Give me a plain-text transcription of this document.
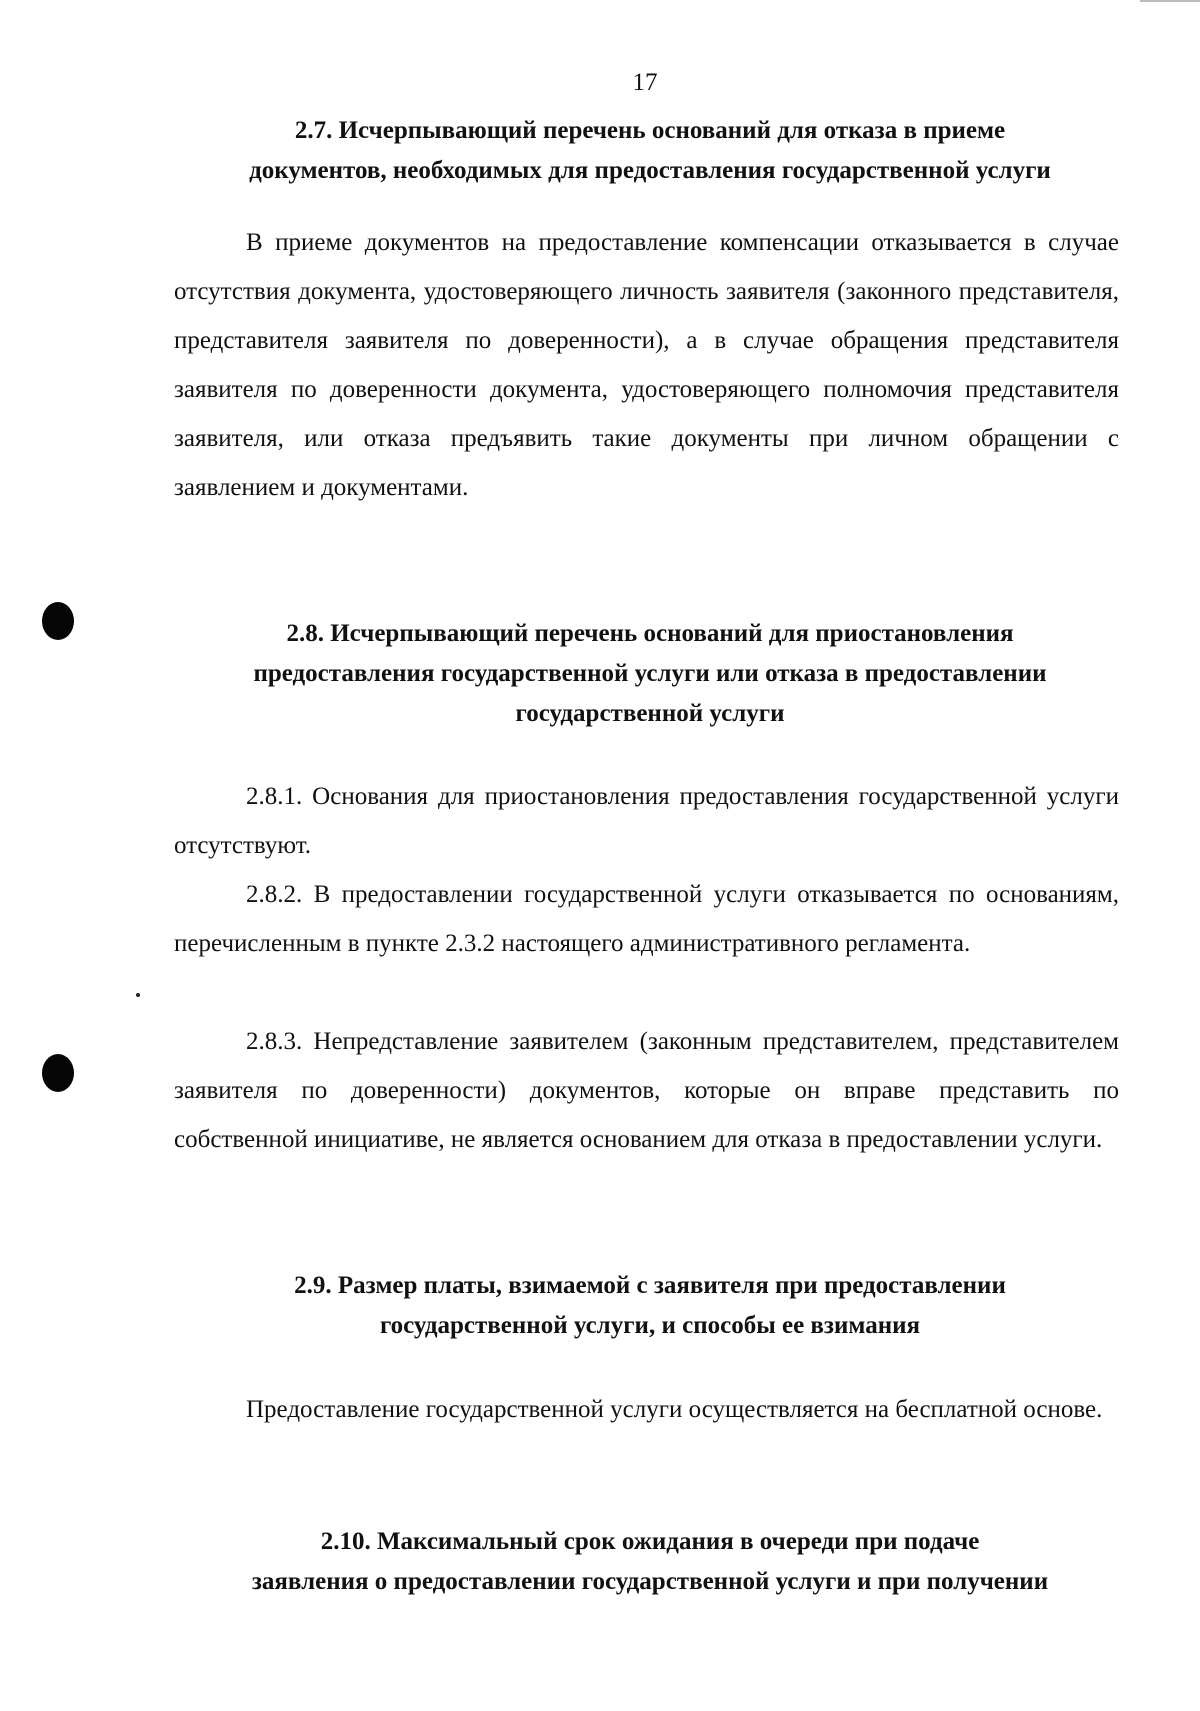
17
2.7. Исчерпывающий перечень оснований для отказа в приеме
документов, необходимых для предоставления государственной услуги
В приеме документов на предоставление компенсации отказывается в случае отсутствия документа, удостоверяющего личность заявителя (законного представителя, представителя заявителя по доверенности), а в случае обращения представителя заявителя по доверенности документа, удостоверяющего полномочия представителя заявителя, или отказа предъявить такие документы при личном обращении с заявлением и документами.
2.8. Исчерпывающий перечень оснований для приостановления
предоставления государственной услуги или отказа в предоставлении
государственной услуги
2.8.1. Основания для приостановления предоставления государственной услуги отсутствуют.
2.8.2. В предоставлении государственной услуги отказывается по основаниям, перечисленным в пункте 2.3.2 настоящего административного регламента.
2.8.3. Непредставление заявителем (законным представителем, представителем заявителя по доверенности) документов, которые он вправе представить по собственной инициативе, не является основанием для отказа в предоставлении услуги.
2.9. Размер платы, взимаемой с заявителя при предоставлении
государственной услуги, и способы ее взимания
Предоставление государственной услуги осуществляется на бесплатной основе.
2.10. Максимальный срок ожидания в очереди при подаче
заявления о предоставлении государственной услуги и при получении
